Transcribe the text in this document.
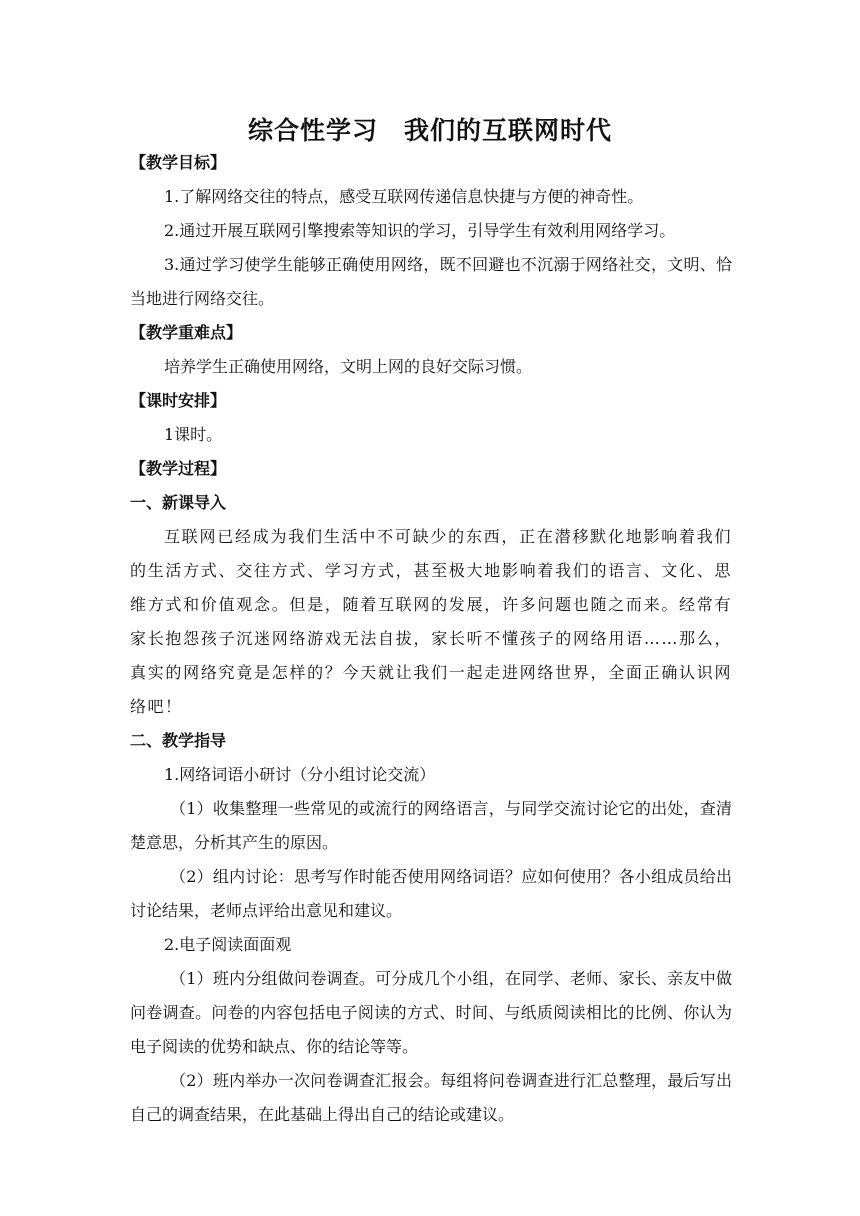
综合性学习 我们的互联网时代

【教学目标】

1.了解网络交往的特点，感受互联网传递信息快捷与方便的神奇性。

2.通过开展互联网引擎搜索等知识的学习，引导学生有效利用网络学习。

3.通过学习使学生能够正确使用网络，既不回避也不沉溺于网络社交，文明、恰当地进行网络交往。

【教学重难点】

培养学生正确使用网络，文明上网的良好交际习惯。

【课时安排】

1课时。

【教学过程】

一、新课导入

互联网已经成为我们生活中不可缺少的东西，正在潜移默化地影响着我们的生活方式、交往方式、学习方式，甚至极大地影响着我们的语言、文化、思维方式和价值观念。但是，随着互联网的发展，许多问题也随之而来。经常有家长抱怨孩子沉迷网络游戏无法自拔，家长听不懂孩子的网络用语……那么，真实的网络究竟是怎样的？今天就让我们一起走进网络世界，全面正确认识网络吧！

二、教学指导

1.网络词语小研讨（分小组讨论交流）

（1）收集整理一些常见的或流行的网络语言，与同学交流讨论它的出处，查清楚意思，分析其产生的原因。

（2）组内讨论：思考写作时能否使用网络词语？应如何使用？各小组成员给出讨论结果，老师点评给出意见和建议。

2.电子阅读面面观

（1）班内分组做问卷调查。可分成几个小组，在同学、老师、家长、亲友中做问卷调查。问卷的内容包括电子阅读的方式、时间、与纸质阅读相比的比例、你认为电子阅读的优势和缺点、你的结论等等。

（2）班内举办一次问卷调查汇报会。每组将问卷调查进行汇总整理，最后写出自己的调查结果，在此基础上得出自己的结论或建议。
